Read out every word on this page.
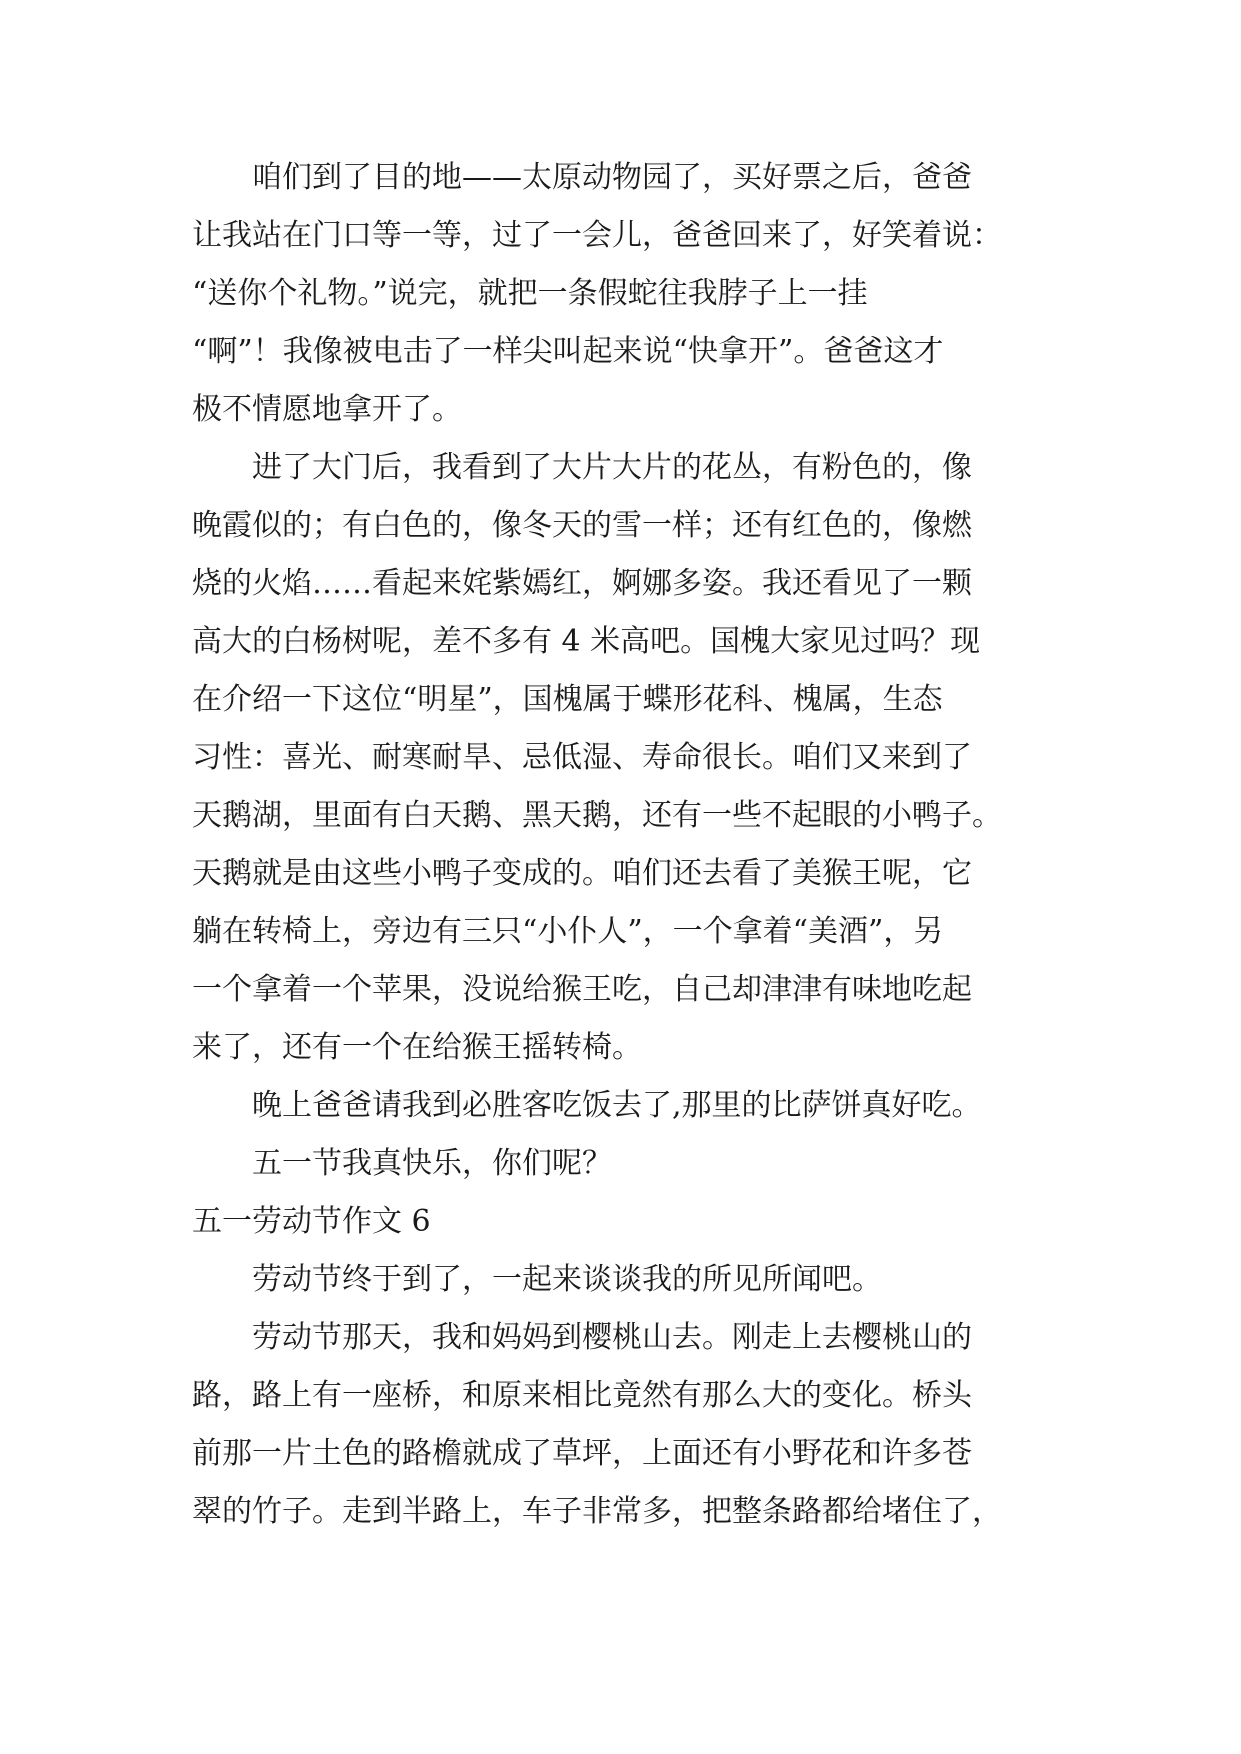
咱们到了目的地——太原动物园了，买好票之后，爸爸
让我站在门口等一等，过了一会儿，爸爸回来了，好笑着说：
“送你个礼物。”说完，就把一条假蛇往我脖子上一挂
“啊”！我像被电击了一样尖叫起来说“快拿开”。爸爸这才
极不情愿地拿开了。
进了大门后，我看到了大片大片的花丛，有粉色的，像
晚霞似的；有白色的，像冬天的雪一样；还有红色的，像燃
烧的火焰……看起来姹紫嫣红，婀娜多姿。我还看见了一颗
高大的白杨树呢，差不多有 4 米高吧。国槐大家见过吗？现
在介绍一下这位“明星”，国槐属于蝶形花科、槐属，生态
习性：喜光、耐寒耐旱、忌低湿、寿命很长。咱们又来到了
天鹅湖，里面有白天鹅、黑天鹅，还有一些不起眼的小鸭子。
天鹅就是由这些小鸭子变成的。咱们还去看了美猴王呢，它
躺在转椅上，旁边有三只“小仆人”，一个拿着“美酒”，另
一个拿着一个苹果，没说给猴王吃，自己却津津有味地吃起
来了，还有一个在给猴王摇转椅。
晚上爸爸请我到必胜客吃饭去了,那里的比萨饼真好吃。
五一节我真快乐，你们呢？
五一劳动节作文 6
劳动节终于到了，一起来谈谈我的所见所闻吧。
劳动节那天，我和妈妈到樱桃山去。刚走上去樱桃山的
路，路上有一座桥，和原来相比竟然有那么大的变化。桥头
前那一片土色的路檐就成了草坪，上面还有小野花和许多苍
翠的竹子。走到半路上，车子非常多，把整条路都给堵住了，
